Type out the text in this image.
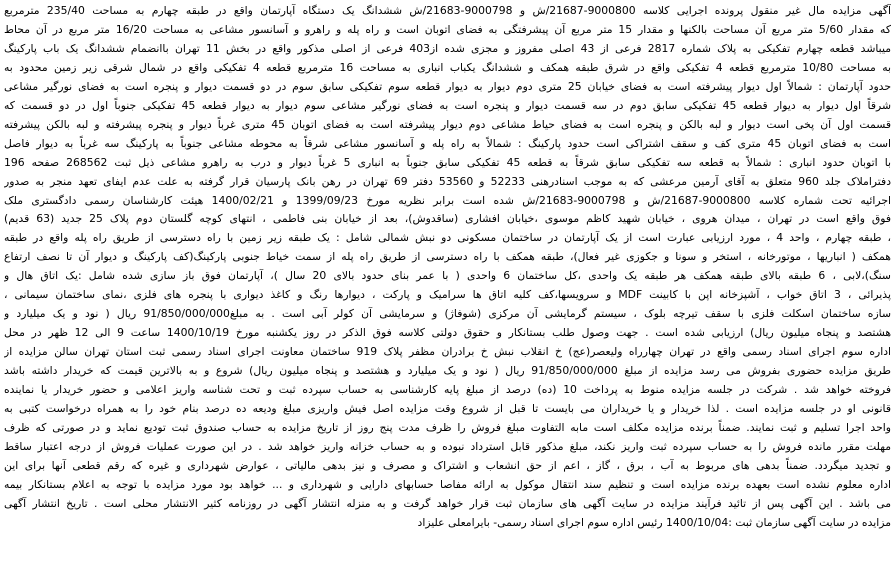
آگهی مزایده مال غیر منقول پرونده اجرایی کلاسه 9000800-21687/ش و 9000798-21683/ش ششدانگ یک دستگاه آپارتمان واقع در طبقه چهارم به مساحت 235/40 مترمربع
که مقدار 5/60 متر مربع آن مساحت بالکنها و مقدار 15 متر مربع آن پیشرفتگی به فضای اتوبان است و راه پله و راهرو و آسانسور مشاعی به مساحت 16/20 متر مربع در آن محاط
میباشد قطعه چهارم تفکیکی به پلاک شماره 2817 فرعی از 43 اصلی مفروز و مجزی شده از403 فرعی از اصلی مذکور واقع در بخش 11 تهران باانضمام ششدانگ یک باب پارکینگ
به مساحت 10/80 مترمربع قطعه 4 تفکیکی واقع در شرق طبقه همکف و ششدانگ یکباب انباری به مساحت 16 مترمربع قطعه 4 تفکیکی واقع در شمال شرقی زیر زمین محدود به
حدود آپارتمان : شمالاً اول دیوار پیشرفته است به فضای خیابان 25 متری دوم دیوار به دیوار قطعه سوم تفکیکی سابق سوم در دو قسمت دیوار و پنجره است به فضای نورگیر مشاعی
شرقاً اول دیوار به دیوار قطعه 45 تفکیکی سابق دوم در سه قسمت دیوار و پنجره است به فضای نورگیر مشاعی سوم دیوار به دیوار قطعه 45 تفکیکی جنوباً اول در دو قسمت که
قسمت اول آن پخی است دیوار و لبه بالکن و پنجره است به فضای حیاط مشاعی دوم دیوار پیشرفته است به فضای اتوبان 45 متری غرباً دیوار و پنجره پیشرفته و لبه بالکن پیشرفته
است به فضای اتوبان 45 متری کف و سقف اشتراکی است حدود پارکینگ : شمالاً به راه پله و آسانسور مشاعی شرقاً به محوطه مشاعی جنوباً به پارکینگ سه غرباً به دیوار فاصل
با اتوبان حدود انباری : شمالاً به قطعه سه تفکیکی سابق شرقاً به قطعه 45 تفکیکی سابق جنوباً به انباری 5 غرباً دیوار و درب به راهرو مشاعی ذیل ثبت 268562 صفحه 196
دفتراملاک جلد 960 متعلق به آقای آرمین مرعشی که به موجب اسنادرهنی 52233 و 53560 دفتر 69 تهران در رهن بانک پارسیان قرار گرفته به علت عدم ایفای تعهد منجر به صدور
اجرائیه تحت شماره کلاسه 9000800-21687/ش و 9000798-21683/ش شده است برابر نظریه مورخ 1399/09/23 و 1400/02/21 هیئت کارشناسان رسمی دادگستری ملک
فوق واقع است در تهران ، میدان هروی ، خیابان شهید کاظم موسوی ،خیابان افشاری (ساقدوش)، بعد از خیابان بنی فاطمی ، انتهای کوچه گلستان دوم پلاک 25 جدید (63 قدیم)
، طبقه چهارم ، واحد 4 ، مورد ارزیابی عبارت است از یک آپارتمان در ساختمان مسکونی دو نبش شمالی شامل : یک طبقه زیر زمین با راه دسترسی از طریق راه پله واقع در طبقه
همکف ( انباریها ، موتورخانه ، استخر و سونا و جکوزی غیر فعال)، طبقه همکف با راه دسترسی از طریق راه پله از سمت خیاط جنوبی پارکینگ(کف پارکینگ و دیوار آن تا نصف ارتفاع
سنگ)،لابی ، 6 طبقه بالای طبقه همکف هر طبقه یک واحدی ،کل ساختمان 6 واحدی ( با عمر بنای حدود بالای 20 سال )، آپارتمان فوق باز سازی شده شامل :یک اتاق هال و
پذیرائی ، 3 اتاق خواب ، آشپزخانه اپن با کابینت MDF و سرویسها،کف کلیه اتاق ها سرامیک و پارکت ، دیوارها رنگ و کاغذ دیواری با پنجره های فلزی ،نمای ساختمان سیمانی ،
سازه ساختمان اسکلت فلزی با سقف تیرچه بلوک ، سیستم گرمایشی آن مرکزی (شوفاژ) و سرمایشی آن کولر آبی است . به مبلغ91/850/000/000 ریال ( نود و یک میلیارد و
هشتصد و پنجاه میلیون ریال) ارزیابی شده است . جهت وصول طلب بستانکار و حقوق دولتی کلاسه فوق الذکر در روز یکشنبه مورخ 1400/10/19 ساعت 9 الی 12 ظهر در محل
اداره سوم اجرای اسناد رسمی واقع در تهران چهارراه ولیعصر(عج) خ انقلاب نبش خ برادران مظفر پلاک 919 ساختمان معاونت اجرای اسناد رسمی ثبت استان تهران سالن مزایده از
طریق مزایده حضوری بفروش می رسد مزایده از مبلغ 91/850/000/000 ریال ( نود و یک میلیارد و هشتصد و پنجاه میلیون ریال) شروع و به بالاترین قیمت که خریدار داشته باشد
فروخته خواهد شد . شرکت در جلسه مزایده منوط به پرداخت 10 (ده) درصد از مبلغ پایه کارشناسی به حساب سپرده ثبت و تحت شناسه واریز اعلامی و حضور خریدار یا نماینده
قانونی او در جلسه مزایده است . لذا خریدار و یا خریداران می بایست تا قبل از شروع وقت مزایده اصل فیش واریزی مبلغ ودیعه ده درصد بنام خود را به همراه درخواست کتبی به
واحد اجرا تسلیم و ثبت نمایند. ضمناً برنده مزایده مکلف است مابه التفاوت مبلغ فروش را ظرف مدت پنج روز از تاریخ مزایده به حساب صندوق ثبت تودیع نماید و در صورتی که ظرف
مهلت مقرر مانده فروش را به حساب سپرده ثبت واریز نکند، مبلغ مذکور قابل استرداد نبوده و به حساب خزانه واریز خواهد شد . در این صورت عملیات فروش از درجه اعتبار ساقط
و تجدید میگردد. ضمناً بدهی های مربوط به آب ، برق ، گاز ، اعم از حق انشعاب و اشتراک و مصرف و نیز بدهی مالیاتی ، عوارض شهرداری و غیره که رقم قطعی آنها برای این
اداره معلوم نشده است بعهده برنده مزایده است و تنظیم سند انتقال موکول به ارائه مفاصا حسابهای دارایی و شهرداری و ... خواهد بود مورد مزایده با توجه به اعلام بستانکار بیمه
می باشد . این آگهی پس از تائید فرآیند مزایده در سایت آگهی های سازمان ثبت قرار خواهد گرفت و به منزله انتشار آگهی در روزنامه کثیر الانتشار محلی است . تاریخ انتشار آگهی
مزایده در سایت آگهی سازمان ثبت :1400/10/04 رئیس اداره سوم اجرای اسناد رسمی- بایرامعلی علیزاد
